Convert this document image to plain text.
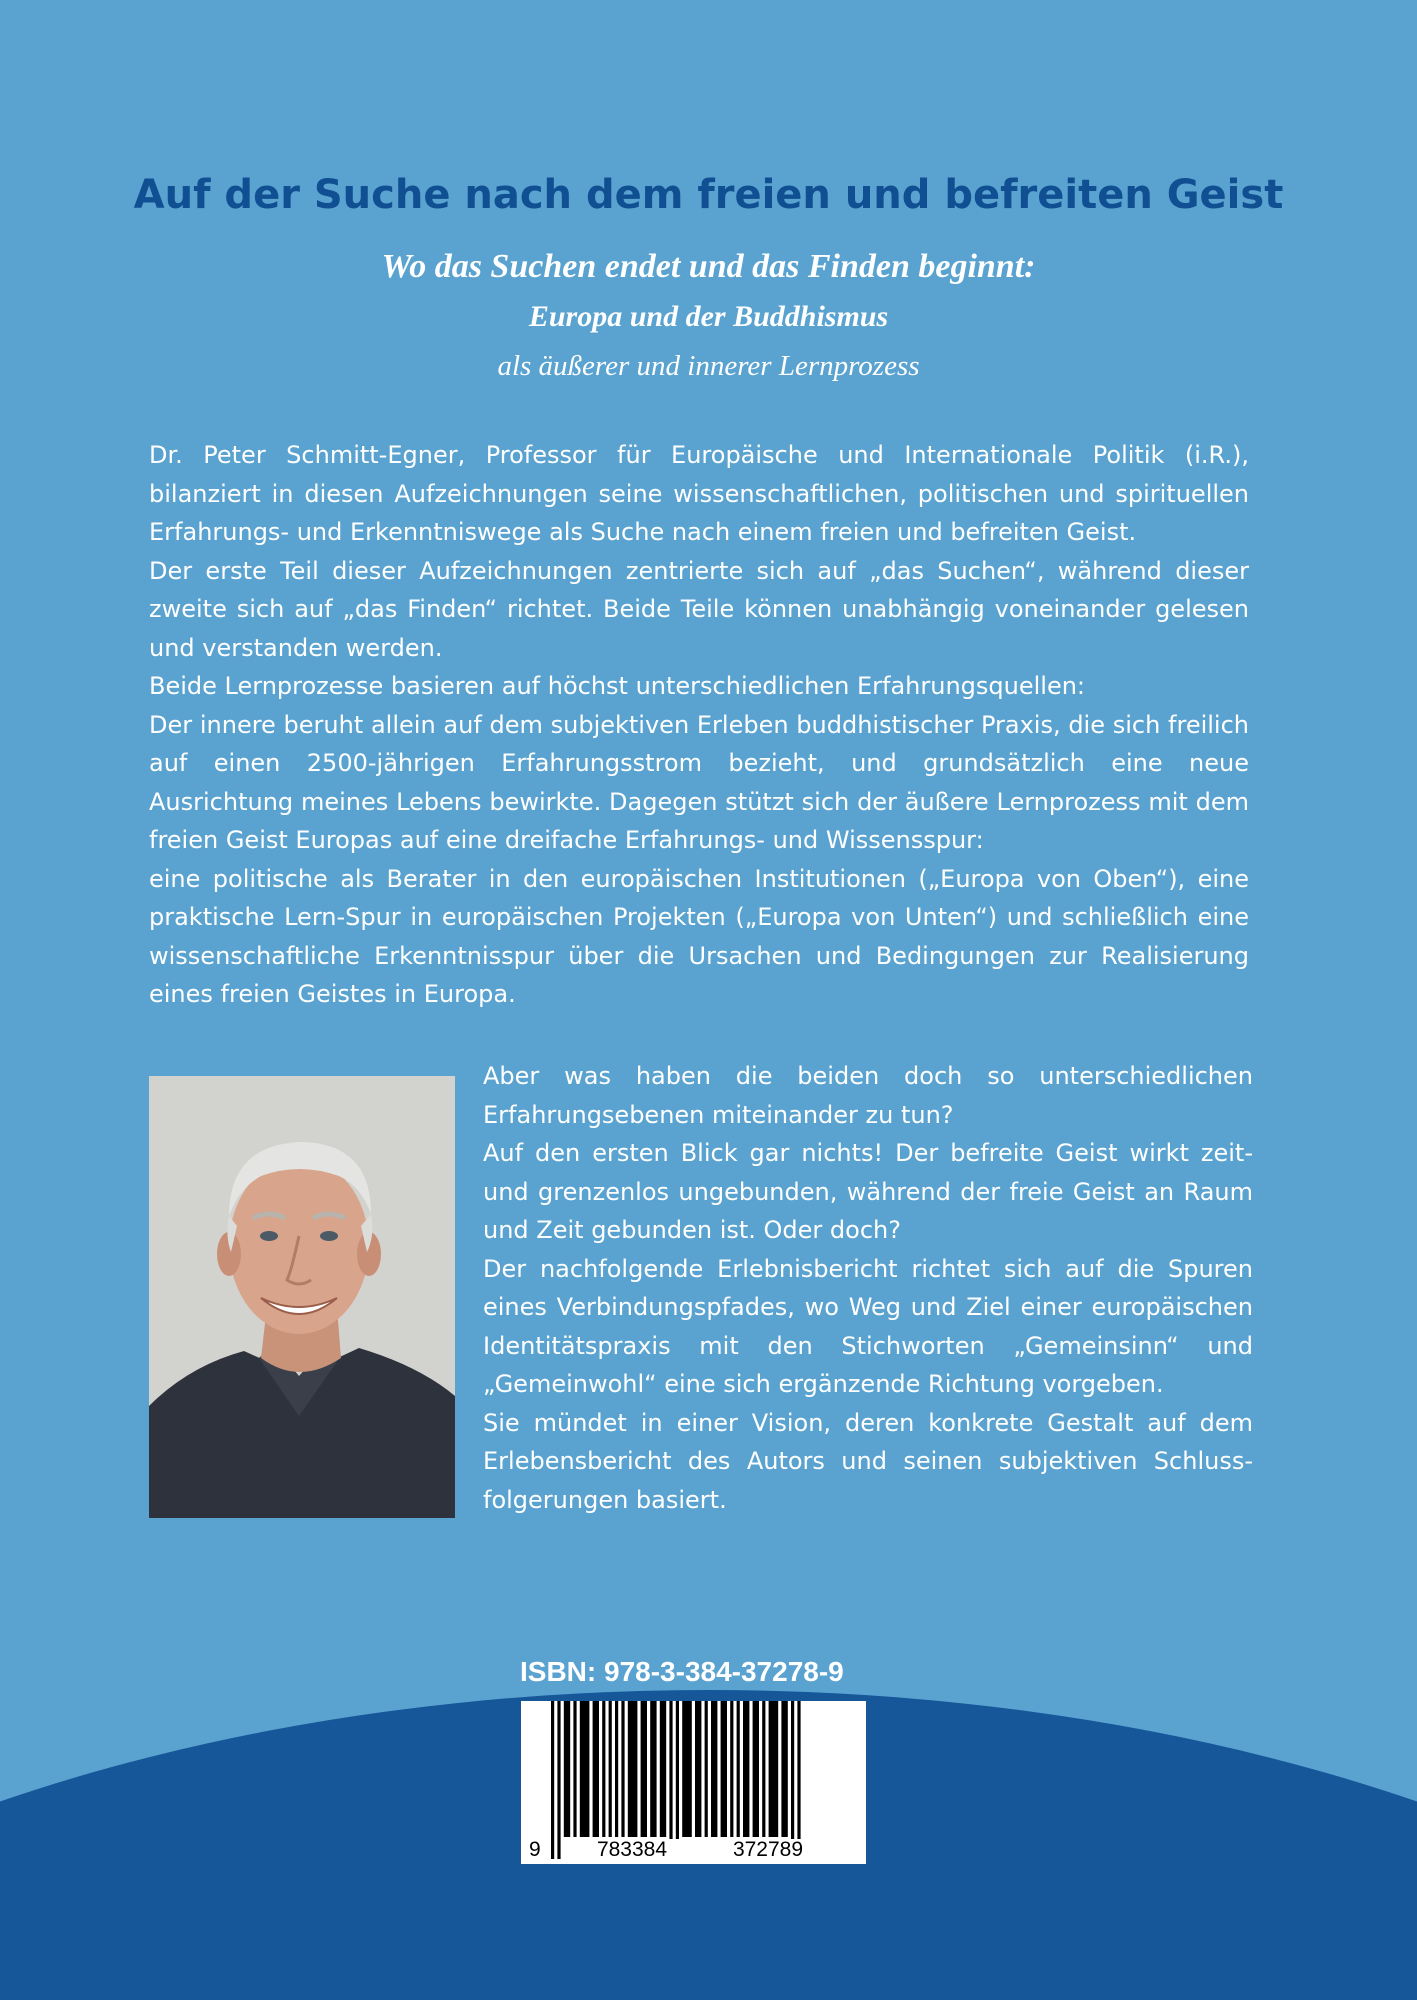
Auf der Suche nach dem freien und befreiten Geist

Wo das Suchen endet und das Finden beginnt:

Europa und der Buddhismus

als äußerer und innerer Lernprozess

Dr. Peter Schmitt-Egner, Professor für Europäische und Internationale Politik (i.R.), bilanziert in diesen Aufzeichnungen seine wissenschaftlichen, politischen und spirituellen Erfahrungs- und Erkenntniswege als Suche nach einem freien und befreiten Geist.

Der erste Teil dieser Aufzeichnungen zentrierte sich auf „das Suchen“, während dieser zweite sich auf „das Finden“ richtet. Beide Teile können unabhängig voneinander gelesen und verstanden werden.

Beide Lernprozesse basieren auf höchst unterschiedlichen Erfahrungsquellen:

Der innere beruht allein auf dem subjektiven Erleben buddhistischer Praxis, die sich freilich auf einen 2500-jährigen Erfahrungsstrom bezieht, und grundsätzlich eine neue Ausrichtung meines Lebens bewirkte. Dagegen stützt sich der äußere Lernprozess mit dem freien Geist Europas auf eine dreifache Erfahrungs- und Wissensspur:

eine politische als Berater in den europäischen Institutionen („Europa von Oben“), eine praktische Lern-Spur in europäischen Projekten („Europa von Unten“) und schließlich eine wissenschaftliche Erkenntnisspur über die Ursachen und Bedingungen zur Realisierung eines freien Geistes in Europa.

Aber was haben die beiden doch so unterschiedlichen Erfahrungsebenen miteinander zu tun?

Auf den ersten Blick gar nichts! Der befreite Geist wirkt zeit- und grenzenlos ungebunden, während der freie Geist an Raum und Zeit gebunden ist. Oder doch?

Der nachfolgende Erlebnisbericht richtet sich auf die Spuren eines Verbindungspfades, wo Weg und Ziel einer europäischen Identitätspraxis mit den Stichworten „Gemeinsinn“ und „Gemeinwohl“ eine sich ergänzende Richtung vorgeben.

Sie mündet in einer Vision, deren konkrete Gestalt auf dem Erlebensbericht des Autors und seinen subjektiven Schlussfolgerungen basiert.

ISBN: 978-3-384-37278-9
9	783384	372789
